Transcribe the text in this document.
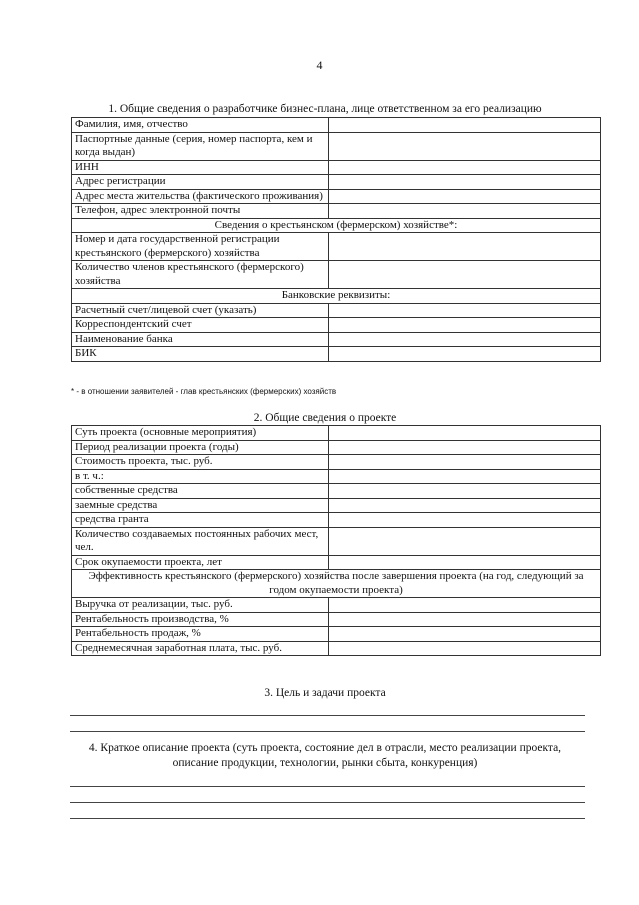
4
1. Общие сведения о разработчике бизнес-плана, лице ответственном за его реализацию
Фамилия, имя, отчество	
Паспортные данные (серия, номер паспорта, кем и когда выдан)	
ИНН	
Адрес регистрации	
Адрес места жительства (фактического проживания)	
Телефон, адрес электронной почты	
Сведения о крестьянском (фермерском) хозяйстве*:	
Номер и дата государственной регистрации крестьянского (фермерского) хозяйства	
Количество членов крестьянского (фермерского) хозяйства	
Банковские реквизиты:	
Расчетный счет/лицевой счет (указать)	
Корреспондентский счет	
Наименование банка	
БИК	
* - в отношении заявителей - глав крестьянских (фермерских) хозяйств
2. Общие сведения о проекте
Суть проекта (основные мероприятия)	
Период реализации проекта (годы)	
Стоимость проекта, тыс. руб.	
в т. ч.:	
собственные средства	
заемные средства	
средства гранта	
Количество создаваемых постоянных рабочих мест, чел.	
Срок окупаемости проекта, лет	
Эффективность крестьянского (фермерского) хозяйства после завершения проекта (на год, следующий за годом окупаемости проекта)	
Выручка от реализации, тыс. руб.	
Рентабельность производства, %	
Рентабельность продаж, %	
Среднемесячная заработная плата, тыс. руб.	
3. Цель и задачи проекта
4. Краткое описание проекта (суть проекта, состояние дел в отрасли, место реализации проекта, описание продукции, технологии, рынки сбыта, конкуренция)
